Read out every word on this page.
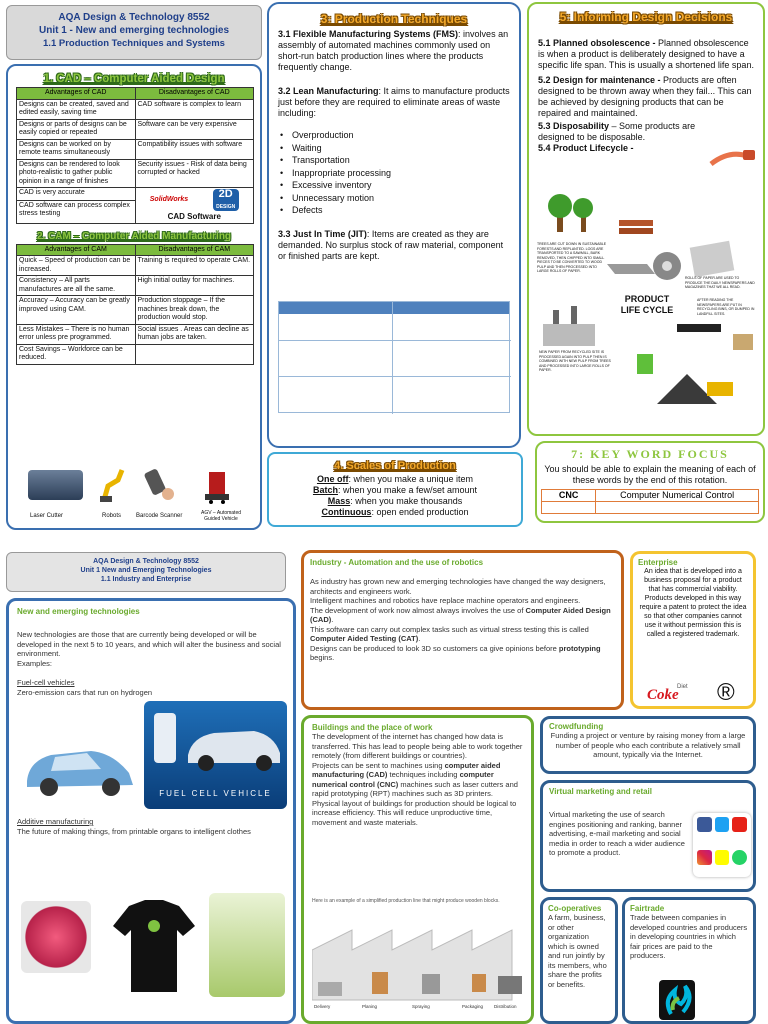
AQA Design & Technology 8552
Unit 1 - New and emerging technologies
1.1 Production Techniques and Systems
1. CAD – Computer Aided Design
Advantages of CAD	Disadvantages of CAD
Designs can be created, saved and edited easily, saving time	CAD software is complex to learn
Designs or parts of designs can be easily copied or repeated	Software can be very expensive
Designs can be worked on by remote teams simultaneously	Compatibility issues with software
Designs can be rendered to look photo-realistic to gather public opinion in a range of finishes	Security issues - Risk of data being corrupted or hacked
CAD is very accurate	SolidWorks 2D
DESIGN
CAD Software

CAD software can process complex stress testing	
2. CAM – Computer Aided Manufacturing
Advantages of CAM	Disadvantages of CAM
Quick – Speed of production can be increased.	Training is required to operate CAM.
Consistency – All parts manufactures are all the same.	High initial outlay for machines.
Accuracy – Accuracy can be greatly improved using CAM.	Production stoppage – If the machines break down, the production would stop.
Less Mistakes – There is no human error unless pre programmed.	Social issues . Areas can decline as human jobs are taken.
Cost Savings – Workforce can be reduced.	
Laser Cutter	Robots Barcode Scanner	AGV – Automated Guided Vehicle
3: Production Techniques

3.1 Flexible Manufacturing Systems (FMS): involves an assembly of automated machines commonly used on short-run batch production lines where the products frequently change.

3.2 Lean Manufacturing: It aims to manufacture products just before they are required to eliminate areas of waste including:

• Overproduction
• Waiting
• Transportation
• Inappropriate processing
• Excessive inventory
• Unnecessary motion
• Defects

3.3 Just In Time (JIT): Items are created as they are demanded. No surplus stock of raw material, component or finished parts are kept.

4. Scales of Production

One off: when you make a unique item

Batch: when you make a few/set amount

Mass: when you make thousands

Continuous: open ended production

5: Informing Design Decisions

5.1 Planned obsolescence - Planned obsolescence is when a product is deliberately designed to have a specific life span. This is usually a shortened life span.

5.2 Design for maintenance - Products are often designed to be thrown away when they fail... This can be achieved by designing products that can be repaired and maintained.

5.3 Disposability – Some products are designed to be disposable.

5.4 Product Lifecycle -

PRODUCT LIFE CYCLE
TREES ARE CUT DOWN IN SUSTAINABLE FORESTS AND REPLANTED. LOGS ARE TRANSPORTED TO A SAWMILL, BARK REMOVED, THEN CHIPPED INTO SMALL PIECES TO BE CONVERTED TO WOOD PULP AND THEN PROCESSED INTO LARGE ROLLS OF PAPER.
ROLLS OF PAPER ARE USED TO PRODUCE THE DAILY NEWSPAPERS AND MAGAZINES THAT WE ALL READ.
AFTER READING THE NEWSPAPERS ARE PUT IN RECYCLING BINS, OR DUMPED IN LANDFILL SITES.
NEW PAPER FROM RECYCLED SITE IS PROCESSED AGAIN INTO PULP THEN IS COMBINED WITH NEW PULP FROM TREES AND PROCESSED INTO LARGE ROLLS OF PAPER.
7: KEY WORD FOCUS

You should be able to explain the meaning of each of these words by the end of this rotation.

CNC	Computer Numerical Control

AQA Design & Technology 8552
Unit 1 New and Emerging Technologies
1.1 Industry and Enterprise
New and emerging technologies

New technologies are those that are currently being developed or will be developed in the next 5 to 10 years, and which will alter the business and social environment.

Examples:

Fuel-cell vehicles

Zero-emission cars that run on hydrogen

FUEL CELL VEHICLE

Additive manufacturing

The future of making things, from printable organs to intelligent clothes

Industry - Automation and the use of robotics

As industry has grown new and emerging technologies have changed the way designers, architects and engineers work.

Intelligent machines and robotics have replace machine operators and engineers.

The development of work now almost always involves the use of Computer Aided Design (CAD).

This software can carry out complex tasks such as virtual stress testing this is called Computer Aided Testing (CAT).

Designs can be produced to look 3D so customers ca give opinions before prototyping begins.

Enterprise

An idea that is developed into a business proposal for a product that has commercial viability. Products developed in this way require a patent to protect the idea so that other companies cannot use it without permission this is called a registered trademark.

Diet
Coke	®
Buildings and the place of work

The development of the internet has changed how data is transferred. This has lead to people being able to work together remotely (from different buildings or countries).

Projects can be sent to machines using computer aided manufacturing (CAD) techniques including computer numerical control (CNC) machines such as laser cutters and rapid prototyping (RPT) machines such as 3D printers.

Physical layout of buildings for production should be logical to increase efficiency. This will reduce unproductive time, movement and waste materials.

Here is an example of a simplified production line that might produce wooden blocks.
Delivery	Planing	Spraying	Packaging Distribution
Crowdfunding

Funding a project or venture by raising money from a large number of people who each contribute a relatively small amount, typically via the Internet.

Virtual marketing and retail

Virtual marketing the use of search engines positioning and ranking, banner advertising, e-mail marketing and social media in order to reach a wider audience to promote a product.

Co-operatives

A farm, business, or other organization which is owned and run jointly by its members, who share the profits or benefits.

Fairtrade

Trade between companies in developed countries and producers in developing countries in which fair prices are paid to the producers.
